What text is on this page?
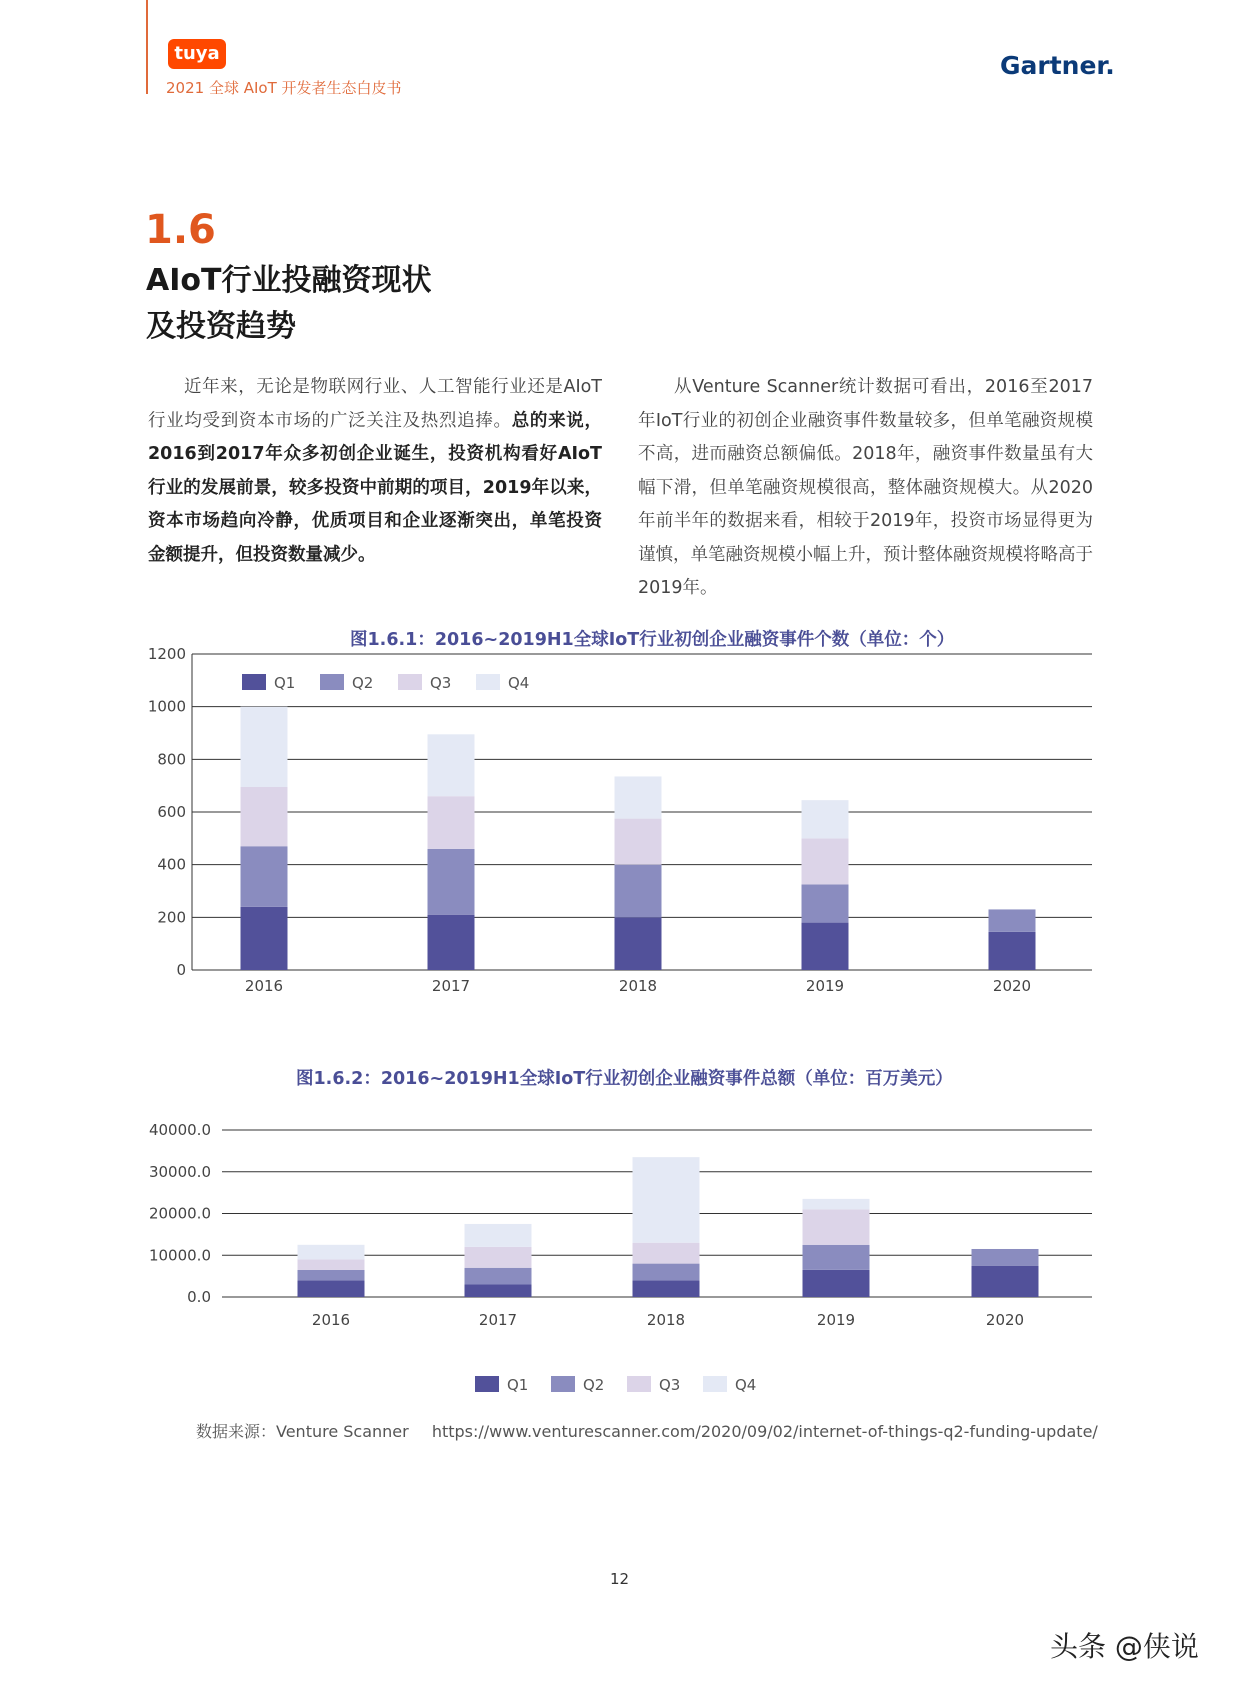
tuya
2021 全球 AIoT 开发者生态白皮书
Gartner.
1.6
AIoT行业投融资现状
及投资趋势
近年来，无论是物联网行业、人工智能行业还是AIoT行业均受到资本市场的广泛关注及热烈追捧。总的来说，2016到2017年众多初创企业诞生，投资机构看好AIoT行业的发展前景，较多投资中前期的项目，2019年以来，资本市场趋向冷静，优质项目和企业逐渐突出，单笔投资金额提升，但投资数量减少。
从Venture Scanner统计数据可看出，2016至2017年IoT行业的初创企业融资事件数量较多，但单笔融资规模不高，进而融资总额偏低。2018年，融资事件数量虽有大幅下滑，但单笔融资规模很高，整体融资规模大。从2020年前半年的数据来看，相较于2019年，投资市场显得更为谨慎，单笔融资规模小幅上升，预计整体融资规模将略高于2019年。
图1.6.1：2016~2019H1全球IoT行业初创企业融资事件个数（单位：个）
0
200
400
600
800
1000
1200
2016	2017	2018	2019	2020
Q1	Q2	Q3	Q4
图1.6.2：2016~2019H1全球IoT行业初创企业融资事件总额（单位：百万美元）
0.0
10000.0
20000.0
30000.0
40000.0
2016	2017	2018	2019	2020
Q1	Q2	Q3	Q4
数据来源：Venture Scanner https://www.venturescanner.com/2020/09/02/internet-of-things-q2-funding-update/
12
头条 @侠说
